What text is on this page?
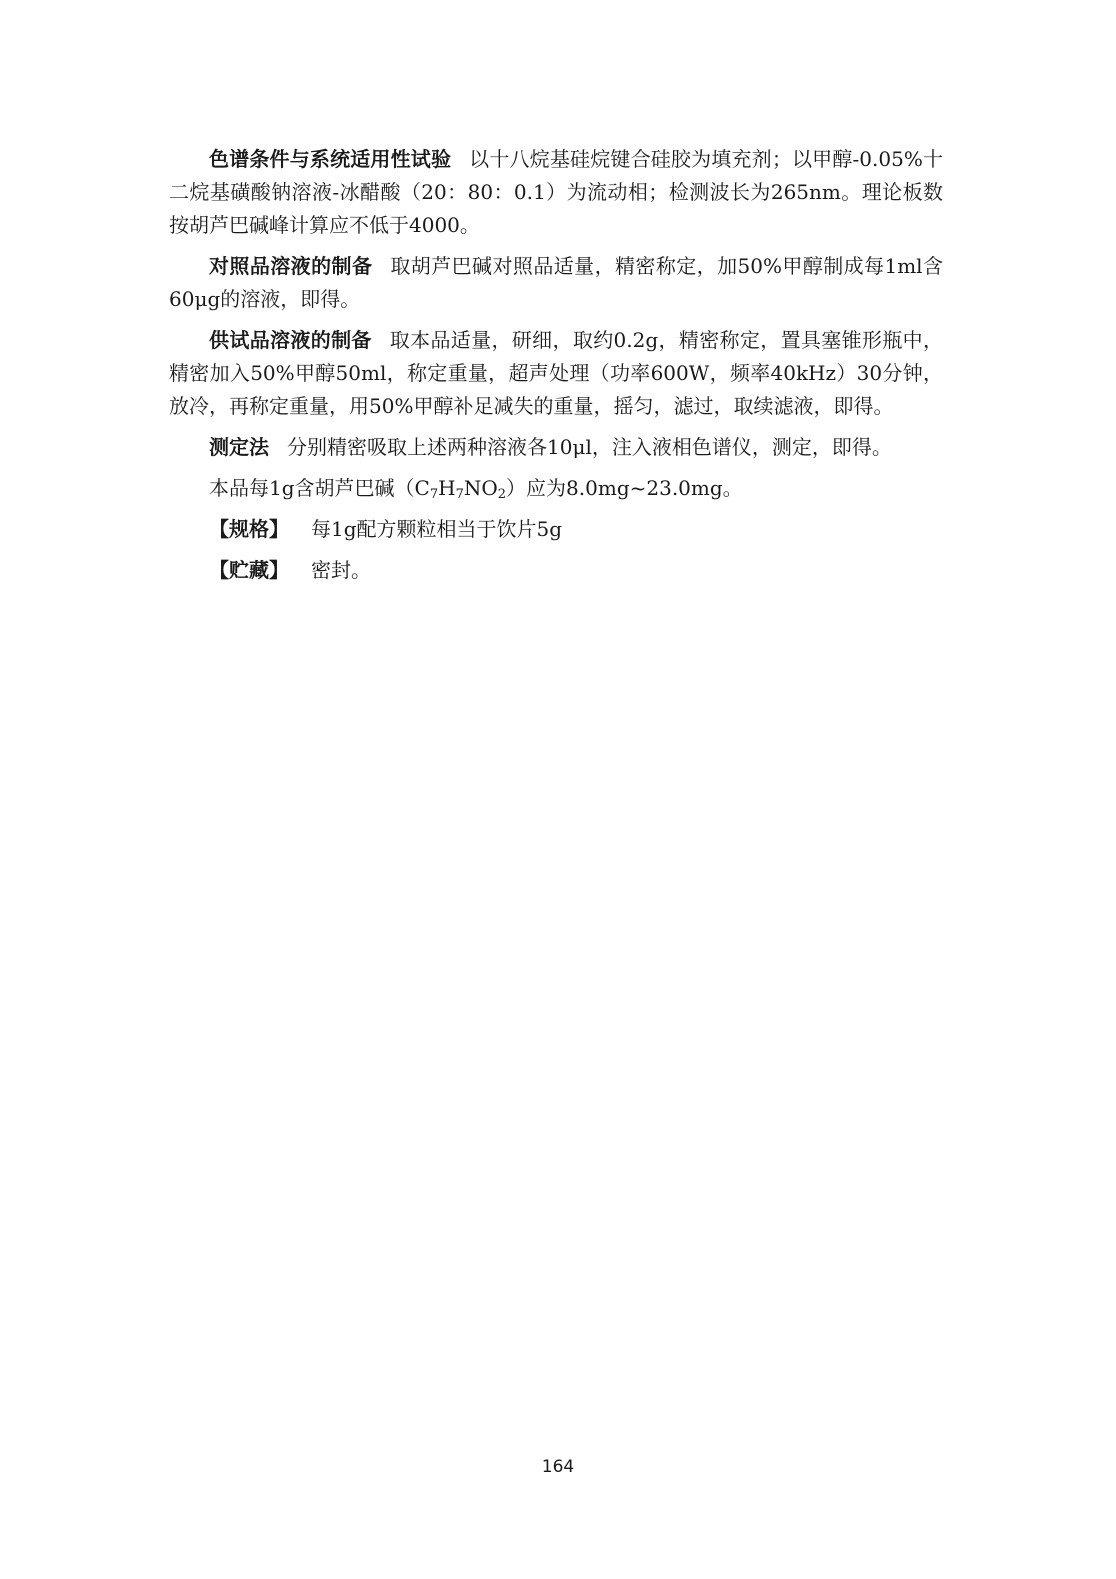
色谱条件与系统适用性试验 以十八烷基硅烷键合硅胶为填充剂；以甲醇-0.05%十二烷基磺酸钠溶液-冰醋酸（20：80：0.1）为流动相；检测波长为265nm。理论板数按胡芦巴碱峰计算应不低于4000。

对照品溶液的制备 取胡芦巴碱对照品适量，精密称定，加50%甲醇制成每1ml含60μg的溶液，即得。

供试品溶液的制备 取本品适量，研细，取约0.2g，精密称定，置具塞锥形瓶中，精密加入50%甲醇50ml，称定重量，超声处理（功率600W，频率40kHz）30分钟，放冷，再称定重量，用50%甲醇补足减失的重量，摇匀，滤过，取续滤液，即得。

测定法 分别精密吸取上述两种溶液各10μl，注入液相色谱仪，测定，即得。

本品每1g含胡芦巴碱$(C_7H_7NO_2)$应为8.0mg~23.0mg。

【规格】 每1g配方颗粒相当于饮片5g

【贮藏】 密封。

164
